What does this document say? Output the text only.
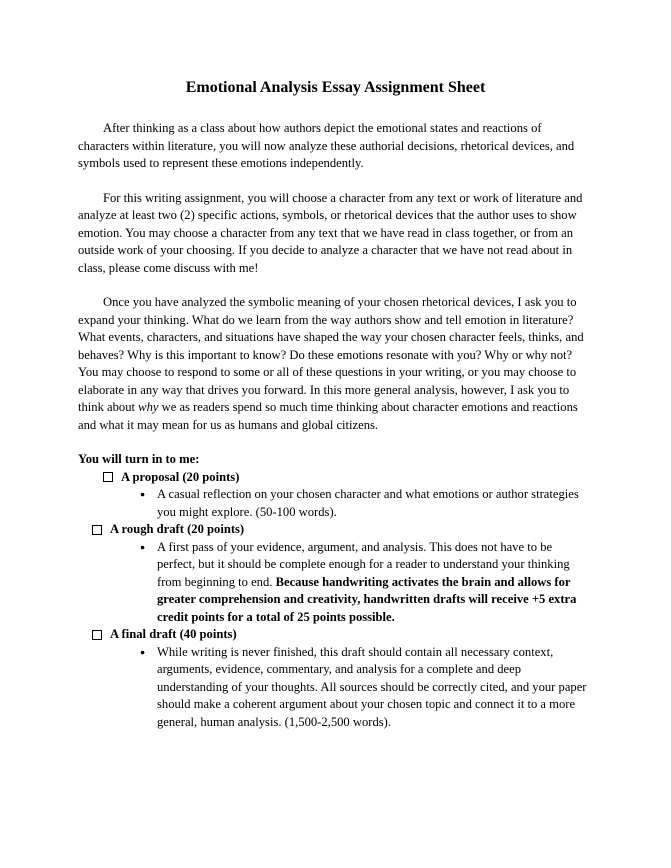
Emotional Analysis Essay Assignment Sheet

After thinking as a class about how authors depict the emotional states and reactions of characters within literature, you will now analyze these authorial decisions, rhetorical devices, and symbols used to represent these emotions independently.

For this writing assignment, you will choose a character from any text or work of literature and analyze at least two (2) specific actions, symbols, or rhetorical devices that the author uses to show emotion. You may choose a character from any text that we have read in class together, or from an outside work of your choosing. If you decide to analyze a character that we have not read about in class, please come discuss with me!

Once you have analyzed the symbolic meaning of your chosen rhetorical devices, I ask you to expand your thinking. What do we learn from the way authors show and tell emotion in literature? What events, characters, and situations have shaped the way your chosen character feels, thinks, and behaves? Why is this important to know? Do these emotions resonate with you? Why or why not? You may choose to respond to some or all of these questions in your writing, or you may choose to elaborate in any way that drives you forward. In this more general analysis, however, I ask you to think about why we as readers spend so much time thinking about character emotions and reactions and what it may mean for us as humans and global citizens.

You will turn in to me:

A proposal (20 points)
● A casual reflection on your chosen character and what emotions or author strategies you might explore. (50-100 words).
A rough draft (20 points)
● A first pass of your evidence, argument, and analysis. This does not have to be perfect, but it should be complete enough for a reader to understand your thinking from beginning to end. Because handwriting activates the brain and allows for greater comprehension and creativity, handwritten drafts will receive +5 extra credit points for a total of 25 points possible.
A final draft (40 points)
● While writing is never finished, this draft should contain all necessary context, arguments, evidence, commentary, and analysis for a complete and deep understanding of your thoughts. All sources should be correctly cited, and your paper should make a coherent argument about your chosen topic and connect it to a more general, human analysis. (1,500-2,500 words).
